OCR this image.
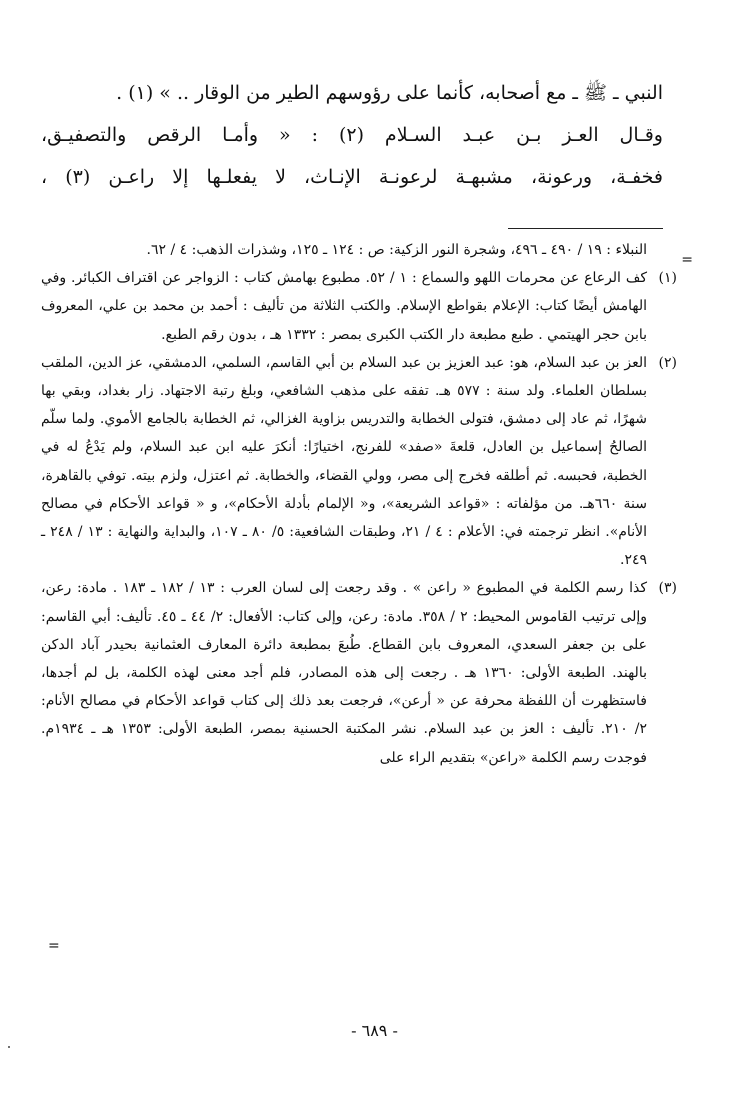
النبي ـ ﷺ ـ مع أصحابه، كأنما على رؤوسهم الطير من الوقار .. » (١) .

وقـال العـز بـن عبـد السـلام (٢) : « وأمـا الرقص والتصفيـق،

فخفـة، ورعونة، مشبهـة لرعونـة الإنـاث، لا يفعلـها إلا راعـن (٣) ،

=
النبلاء : ١٩ / ٤٩٠ ـ ٤٩٦، وشجرة النور الزكية: ص : ١٢٤ ـ ١٢٥، وشذرات الذهب: ٤ / ٦٢.
(١)
كف الرعاع عن محرمات اللهو والسماع : ١ / ٥٢. مطبوع بهامش كتاب : الزواجر عن اقتراف الكبائر. وفي الهامش أيضًا كتاب: الإعلام بقواطع الإسلام. والكتب الثلاثة من تأليف : أحمد بن محمد بن علي، المعروف بابن حجر الهيتمي . طبع مطبعة دار الكتب الكبرى بمصر : ١٣٣٢ هـ ، بدون رقم الطبع.
(٢)
العز بن عبد السلام، هو: عبد العزيز بن عبد السلام بن أبي القاسم، السلمي، الدمشقي، عز الدين، الملقب بسلطان العلماء. ولد سنة : ٥٧٧ هـ. تفقه على مذهب الشافعي، وبلغ رتبة الاجتهاد. زار بغداد، وبقي بها شهرًا، ثم عاد إلى دمشق، فتولى الخطابة والتدريس بزاوية الغزالي، ثم الخطابة بالجامع الأموي. ولما سلّم الصالحُ إسماعيل بن العادل، قلعةَ «صفد» للفرنج، اختيارًا: أنكرَ عليه ابن عبد السلام، ولم يَدْعُ له في الخطبة، فحبسه. ثم أطلقه فخرج إلى مصر، وولي القضاء، والخطابة. ثم اعتزل، ولزم بيته. توفي بالقاهرة، سنة ٦٦٠هـ. من مؤلفاته : «قواعد الشريعة»، و« الإلمام بأدلة الأحكام»، و « قواعد الأحكام في مصالح الأنام». انظر ترجمته في: الأعلام : ٤ / ٢١، وطبقات الشافعية: ٥/ ٨٠ ـ ١٠٧، والبداية والنهاية : ١٣ / ٢٤٨ ـ ٢٤٩.
(٣)
كذا رسم الكلمة في المطبوع « راعن » . وقد رجعت إلى لسان العرب : ١٣ / ١٨٢ ـ ١٨٣ . مادة: رعن، وإلى ترتيب القاموس المحيط: ٢ / ٣٥٨. مادة: رعن، وإلى كتاب: الأفعال: ٢/ ٤٤ ـ ٤٥. تأليف: أبي القاسم: على بن جعفر السعدي، المعروف بابن القطاع. طُبعَ بمطبعة دائرة المعارف العثمانية بحيدر آباد الدكن بالهند. الطبعة الأولى: ١٣٦٠ هـ . رجعت إلى هذه المصادر، فلم أجد معنى لهذه الكلمة، بل لم أجدها، فاستظهرت أن اللفظة محرفة عن « أرعن»، فرجعت بعد ذلك إلى كتاب قواعد الأحكام في مصالح الأنام: ٢/ ٢١٠. تأليف : العز بن عبد السلام. نشر المكتبة الحسنية بمصر، الطبعة الأولى: ١٣٥٣ هـ ـ ١٩٣٤م. فوجدت رسم الكلمة «راعن» بتقديم الراء على
=
- ٦٨٩ -
